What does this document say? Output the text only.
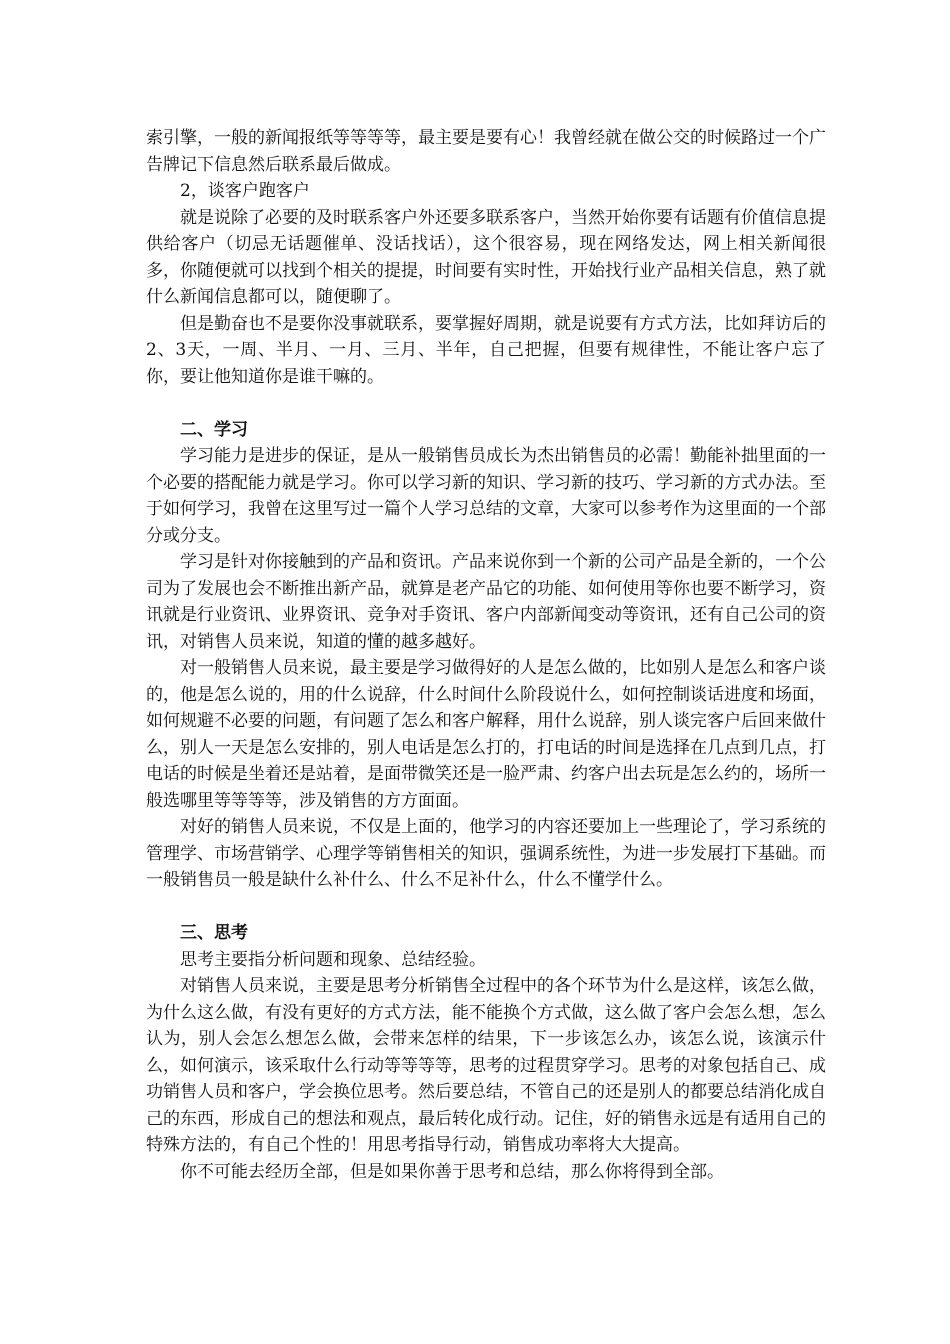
索引擎，一般的新闻报纸等等等等，最主要是要有心！我曾经就在做公交的时候路过一个广告牌记下信息然后联系最后做成。

2，谈客户跑客户

就是说除了必要的及时联系客户外还要多联系客户，当然开始你要有话题有价值信息提供给客户（切忌无话题催单、没话找话），这个很容易，现在网络发达，网上相关新闻很多，你随便就可以找到个相关的提提，时间要有实时性，开始找行业产品相关信息，熟了就什么新闻信息都可以，随便聊了。

但是勤奋也不是要你没事就联系，要掌握好周期，就是说要有方式方法，比如拜访后的2、3天，一周、半月、一月、三月、半年，自己把握，但要有规律性，不能让客户忘了你，要让他知道你是谁干嘛的。

二、学习

学习能力是进步的保证，是从一般销售员成长为杰出销售员的必需！勤能补拙里面的一个必要的搭配能力就是学习。你可以学习新的知识、学习新的技巧、学习新的方式办法。至于如何学习，我曾在这里写过一篇个人学习总结的文章，大家可以参考作为这里面的一个部分或分支。

学习是针对你接触到的产品和资讯。产品来说你到一个新的公司产品是全新的，一个公司为了发展也会不断推出新产品，就算是老产品它的功能、如何使用等你也要不断学习，资讯就是行业资讯、业界资讯、竞争对手资讯、客户内部新闻变动等资讯，还有自己公司的资讯，对销售人员来说，知道的懂的越多越好。

对一般销售人员来说，最主要是学习做得好的人是怎么做的，比如别人是怎么和客户谈的，他是怎么说的，用的什么说辞，什么时间什么阶段说什么，如何控制谈话进度和场面，如何规避不必要的问题，有问题了怎么和客户解释，用什么说辞，别人谈完客户后回来做什么，别人一天是怎么安排的，别人电话是怎么打的，打电话的时间是选择在几点到几点，打电话的时候是坐着还是站着，是面带微笑还是一脸严肃、约客户出去玩是怎么约的，场所一般选哪里等等等等，涉及销售的方方面面。

对好的销售人员来说，不仅是上面的，他学习的内容还要加上一些理论了，学习系统的管理学、市场营销学、心理学等销售相关的知识，强调系统性，为进一步发展打下基础。而一般销售员一般是缺什么补什么、什么不足补什么，什么不懂学什么。

三、思考

思考主要指分析问题和现象、总结经验。

对销售人员来说，主要是思考分析销售全过程中的各个环节为什么是这样，该怎么做，为什么这么做，有没有更好的方式方法，能不能换个方式做，这么做了客户会怎么想，怎么认为，别人会怎么想怎么做，会带来怎样的结果，下一步该怎么办，该怎么说，该演示什么，如何演示，该采取什么行动等等等等，思考的过程贯穿学习。思考的对象包括自己、成功销售人员和客户，学会换位思考。然后要总结，不管自己的还是别人的都要总结消化成自己的东西，形成自己的想法和观点，最后转化成行动。记住，好的销售永远是有适用自己的特殊方法的，有自己个性的！用思考指导行动，销售成功率将大大提高。

你不可能去经历全部，但是如果你善于思考和总结，那么你将得到全部。
